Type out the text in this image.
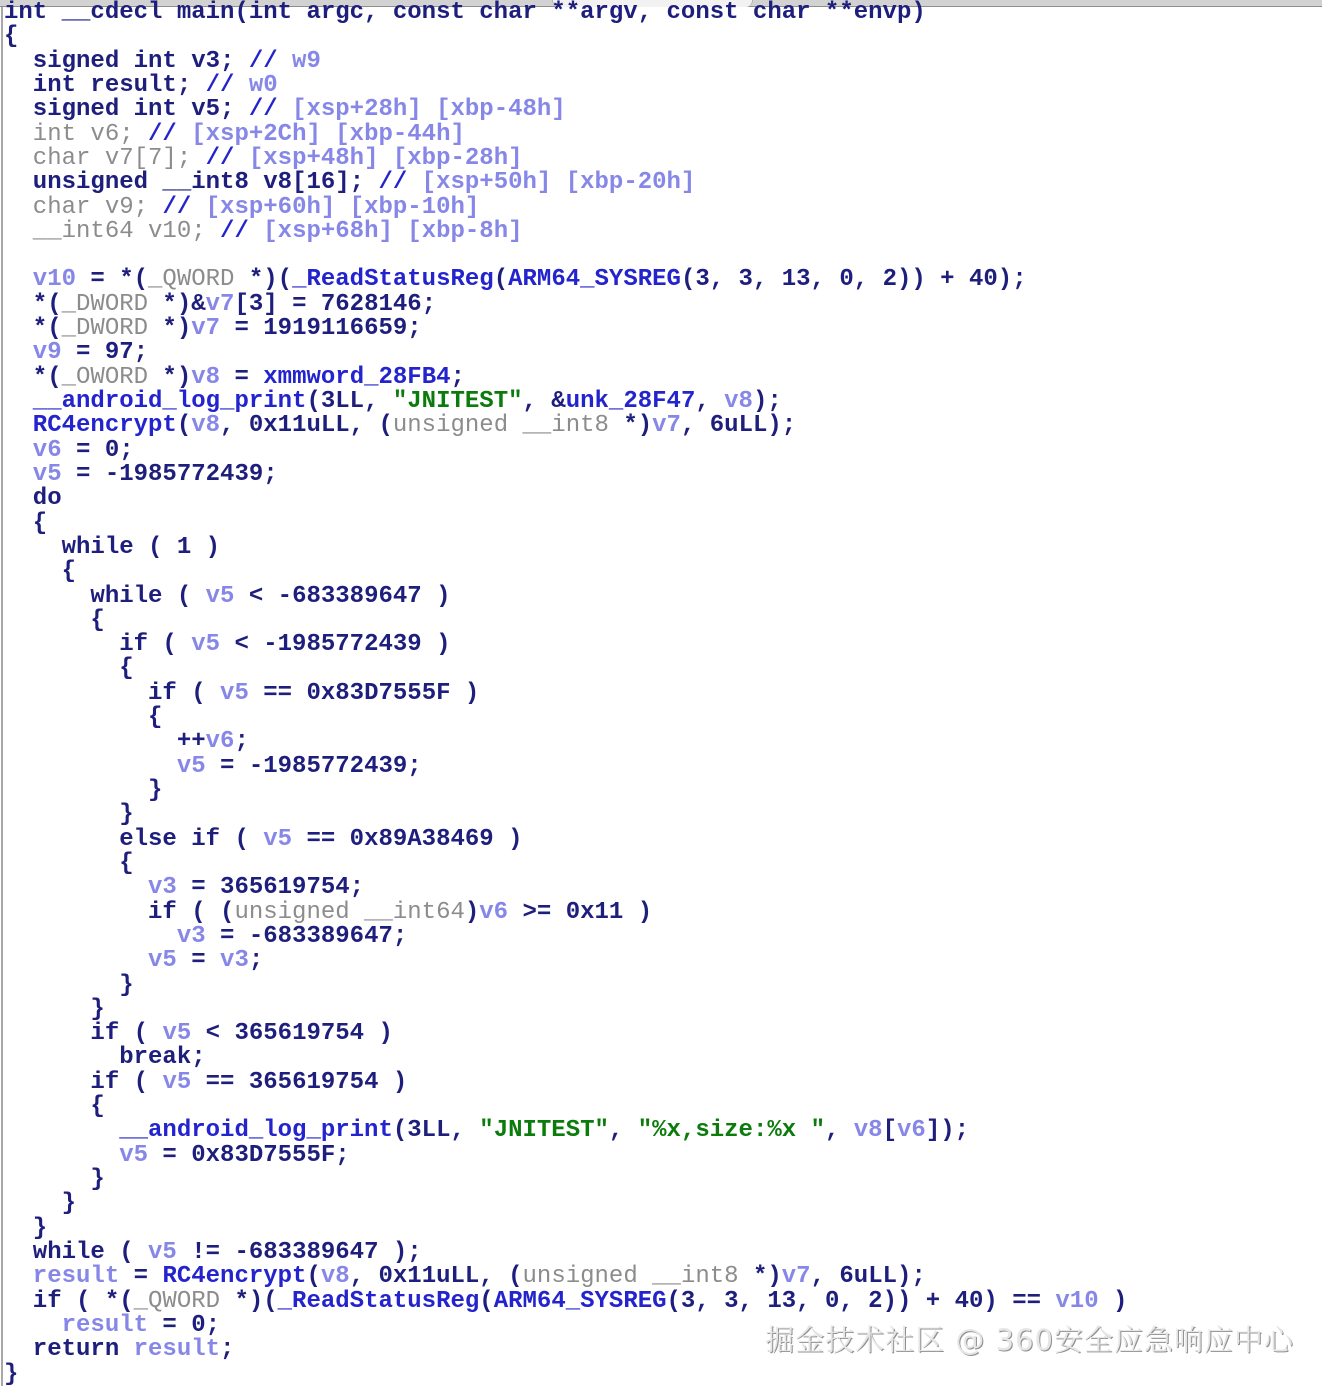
int __cdecl main(int argc, const char **argv, const char **envp)
{
signed int v3; // w9
int result; // w0
signed int v5; // [xsp+28h] [xbp-48h]
int v6; // [xsp+2Ch] [xbp-44h]
char v7[7]; // [xsp+48h] [xbp-28h]
unsigned __int8 v8[16]; // [xsp+50h] [xbp-20h]
char v9; // [xsp+60h] [xbp-10h]
__int64 v10; // [xsp+68h] [xbp-8h]

v10 = *(_QWORD *)(_ReadStatusReg(ARM64_SYSREG(3, 3, 13, 0, 2)) + 40);
*(_DWORD *)&v7[3] = 7628146;
*(_DWORD *)v7 = 1919116659;
v9 = 97;
*(_OWORD *)v8 = xmmword_28FB4;
__android_log_print(3LL, "JNITEST", &unk_28F47, v8);
RC4encrypt(v8, 0x11uLL, (unsigned __int8 *)v7, 6uLL);
v6 = 0;
v5 = -1985772439;
do
{
while ( 1 )
{
while ( v5 < -683389647 )
{
if ( v5 < -1985772439 )
{
if ( v5 == 0x83D7555F )
{
++v6;
v5 = -1985772439;
}
}
else if ( v5 == 0x89A38469 )
{
v3 = 365619754;
if ( (unsigned __int64)v6 >= 0x11 )
v3 = -683389647;
v5 = v3;
}
}
if ( v5 < 365619754 )
break;
if ( v5 == 365619754 )
{
__android_log_print(3LL, "JNITEST", "%x,size:%x ", v8[v6]);
v5 = 0x83D7555F;
}
}
}
while ( v5 != -683389647 );
result = RC4encrypt(v8, 0x11uLL, (unsigned __int8 *)v7, 6uLL);
if ( *(_QWORD *)(_ReadStatusReg(ARM64_SYSREG(3, 3, 13, 0, 2)) + 40) == v10 )
result = 0;
return result;
}
掘金技术社区 @ 360安全应急响应中心
